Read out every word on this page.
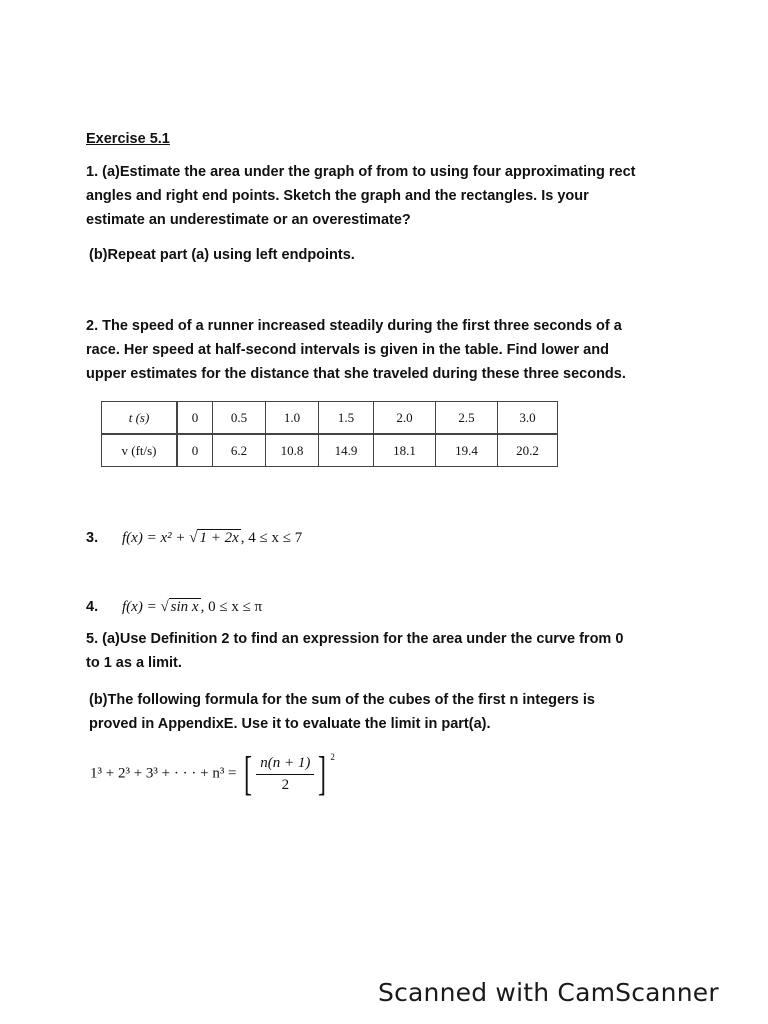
Exercise 5.1
1. (a)Estimate the area under the graph of from to using four approximating rect
angles and right end points. Sketch the graph and the rectangles. Is your
estimate an underestimate or an overestimate?
(b)Repeat part (a) using left endpoints.
2. The speed of a runner increased steadily during the first three seconds of a
race. Her speed at half-second intervals is given in the table. Find lower and
upper estimates for the distance that she traveled during these three seconds.
t (s)	0	0.5	1.0	1.5	2.0	2.5	3.0
v (ft/s)	0	6.2	10.8	14.9	18.1	19.4	20.2
3. f(x) = x² + √ 1 + 2x , 4 ≤ x ≤ 7
4. f(x) = √ sin x , 0 ≤ x ≤ π
5. (a)Use Definition 2 to find an expression for the area under the curve from 0
to 1 as a limit.
(b)The following formula for the sum of the cubes of the first n integers is
proved in AppendixE. Use it to evaluate the limit in part(a).
1³ + 2³ + 3³ + · · · + n³ = [ $\frac{n(n + 1)}{2}$ ] $^2$
Scanned with CamScanner
